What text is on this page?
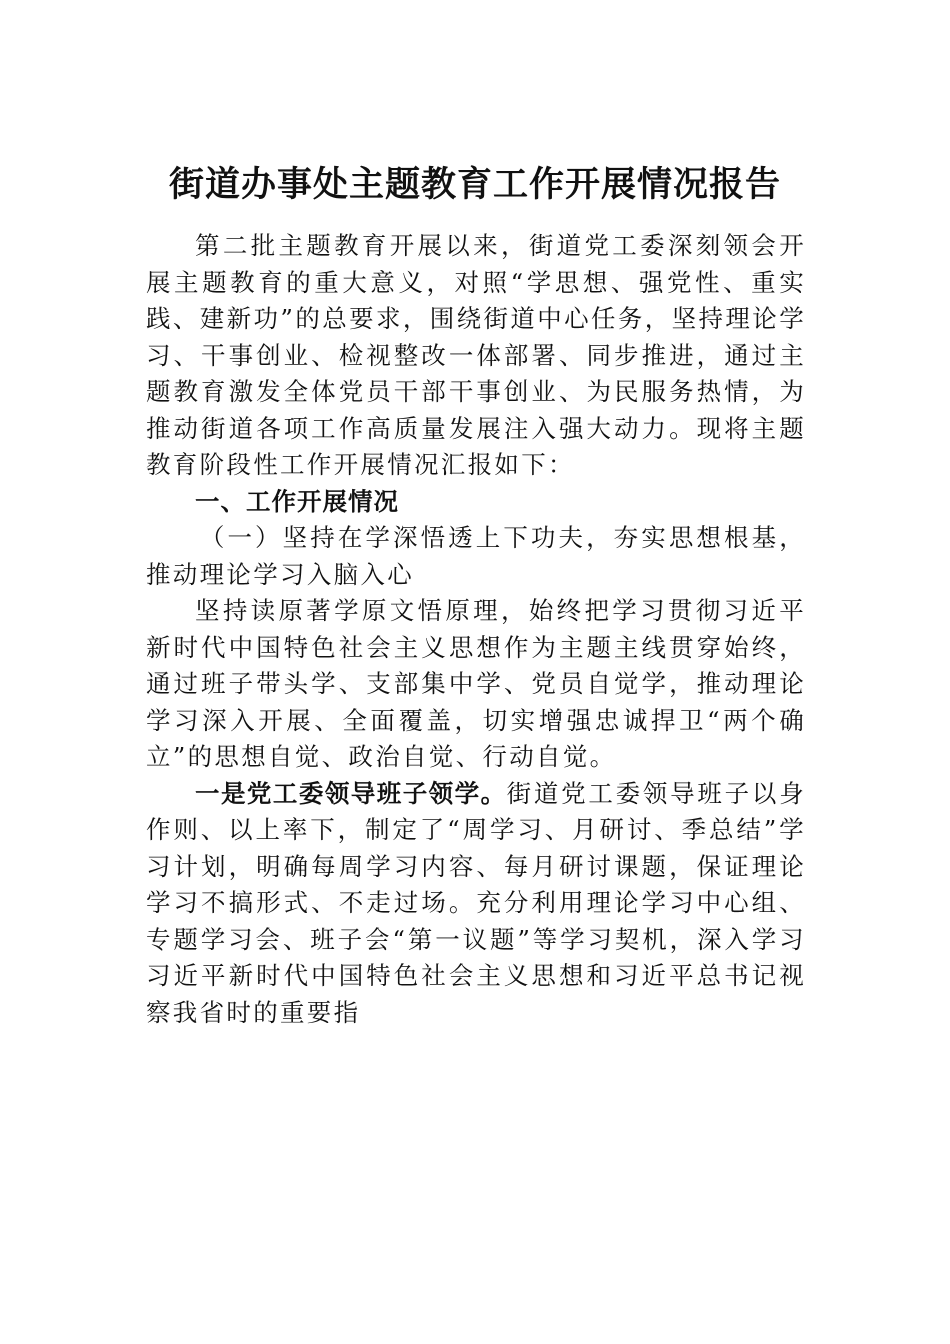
街道办事处主题教育工作开展情况报告

第二批主题教育开展以来，街道党工委深刻领会开展主题教育的重大意义，对照“学思想、强党性、重实践、建新功”的总要求，围绕街道中心任务，坚持理论学习、干事创业、检视整改一体部署、同步推进，通过主题教育激发全体党员干部干事创业、为民服务热情，为推动街道各项工作高质量发展注入强大动力。现将主题教育阶段性工作开展情况汇报如下：

一、工作开展情况

（一）坚持在学深悟透上下功夫，夯实思想根基，推动理论学习入脑入心

坚持读原著学原文悟原理，始终把学习贯彻习近平新时代中国特色社会主义思想作为主题主线贯穿始终，通过班子带头学、支部集中学、党员自觉学，推动理论学习深入开展、全面覆盖，切实增强忠诚捍卫“两个确立”的思想自觉、政治自觉、行动自觉。

一是党工委领导班子领学。街道党工委领导班子以身作则、以上率下，制定了“周学习、月研讨、季总结”学习计划，明确每周学习内容、每月研讨课题，保证理论学习不搞形式、不走过场。充分利用理论学习中心组、专题学习会、班子会“第一议题”等学习契机，深入学习习近平新时代中国特色社会主义思想和习近平总书记视察我省时的重要指
